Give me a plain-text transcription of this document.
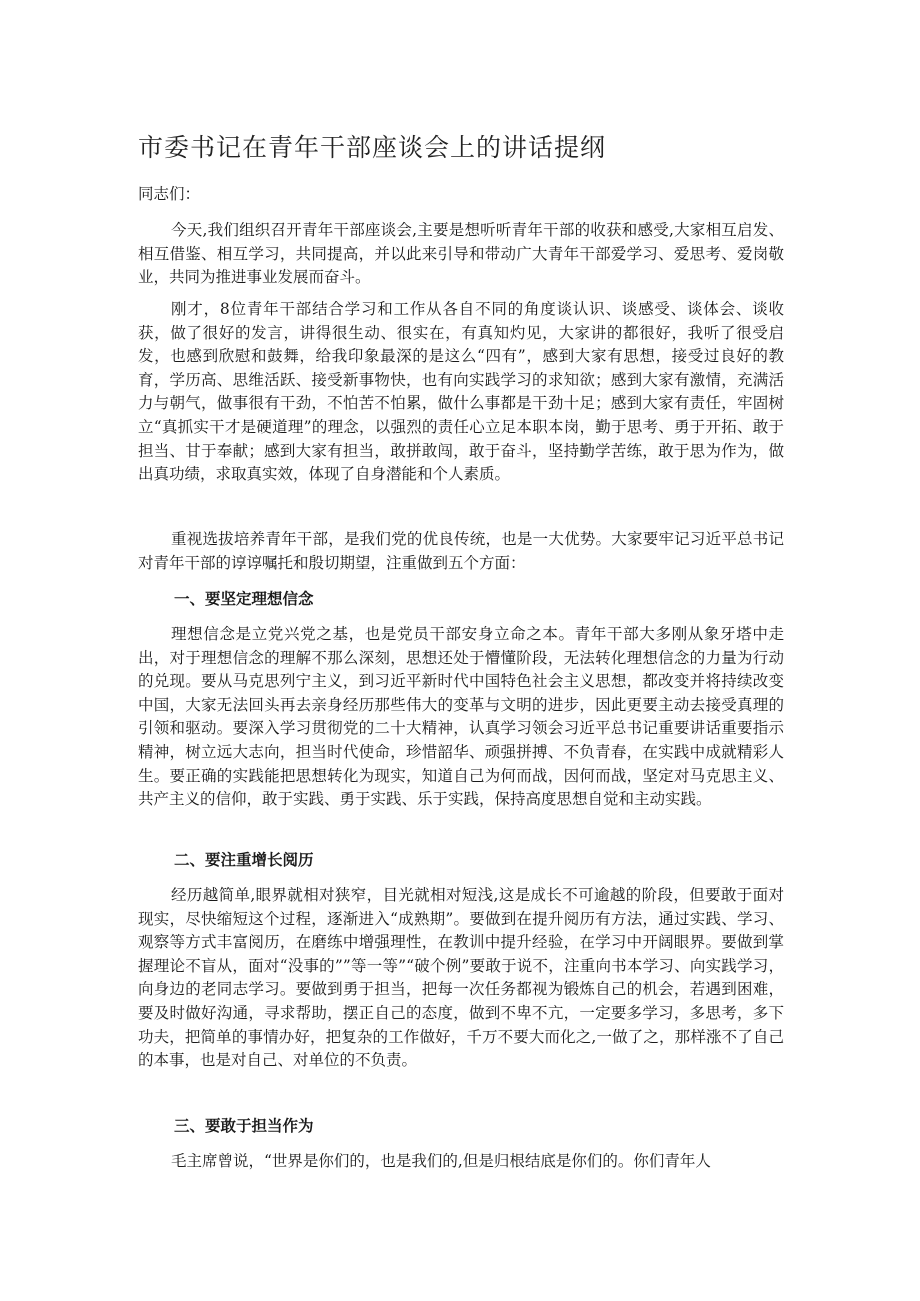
市委书记在青年干部座谈会上的讲话提纲

同志们：

今天,我们组织召开青年干部座谈会,主要是想听听青年干部的收获和感受,大家相互启发、相互借鉴、相互学习，共同提高，并以此来引导和带动广大青年干部爱学习、爱思考、爱岗敬业，共同为推进事业发展而奋斗。

刚才，8位青年干部结合学习和工作从各自不同的角度谈认识、谈感受、谈体会、谈收获，做了很好的发言，讲得很生动、很实在，有真知灼见，大家讲的都很好，我听了很受启发，也感到欣慰和鼓舞，给我印象最深的是这么“四有”，感到大家有思想，接受过良好的教育，学历高、思维活跃、接受新事物快，也有向实践学习的求知欲；感到大家有激情，充满活力与朝气，做事很有干劲，不怕苦不怕累，做什么事都是干劲十足；感到大家有责任，牢固树立“真抓实干才是硬道理”的理念，以强烈的责任心立足本职本岗，勤于思考、勇于开拓、敢于担当、甘于奉献；感到大家有担当，敢拼敢闯，敢于奋斗，坚持勤学苦练，敢于思为作为，做出真功绩，求取真实效，体现了自身潜能和个人素质。

重视选拔培养青年干部，是我们党的优良传统，也是一大优势。大家要牢记习近平总书记对青年干部的谆谆嘱托和殷切期望，注重做到五个方面：

一、要坚定理想信念

理想信念是立党兴党之基，也是党员干部安身立命之本。青年干部大多刚从象牙塔中走出，对于理想信念的理解不那么深刻，思想还处于懵懂阶段，无法转化理想信念的力量为行动的兑现。要从马克思列宁主义，到习近平新时代中国特色社会主义思想，都改变并将持续改变中国，大家无法回头再去亲身经历那些伟大的变革与文明的进步，因此更要主动去接受真理的引领和驱动。要深入学习贯彻党的二十大精神，认真学习领会习近平总书记重要讲话重要指示精神，树立远大志向，担当时代使命，珍惜韶华、顽强拼搏、不负青春，在实践中成就精彩人生。要正确的实践能把思想转化为现实，知道自己为何而战，因何而战，坚定对马克思主义、共产主义的信仰，敢于实践、勇于实践、乐于实践，保持高度思想自觉和主动实践。

二、要注重增长阅历

经历越简单,眼界就相对狭窄，目光就相对短浅,这是成长不可逾越的阶段，但要敢于面对现实，尽快缩短这个过程，逐渐进入“成熟期”。要做到在提升阅历有方法，通过实践、学习、观察等方式丰富阅历，在磨练中增强理性，在教训中提升经验，在学习中开阔眼界。要做到掌握理论不盲从，面对“没事的””等一等”“破个例”要敢于说不，注重向书本学习、向实践学习，向身边的老同志学习。要做到勇于担当，把每一次任务都视为锻炼自己的机会，若遇到困难，要及时做好沟通，寻求帮助，摆正自己的态度，做到不卑不亢，一定要多学习，多思考，多下功夫，把简单的事情办好，把复杂的工作做好，千万不要大而化之,一做了之，那样涨不了自己的本事，也是对自己、对单位的不负责。

三、要敢于担当作为

毛主席曾说，“世界是你们的，也是我们的,但是归根结底是你们的。你们青年人
